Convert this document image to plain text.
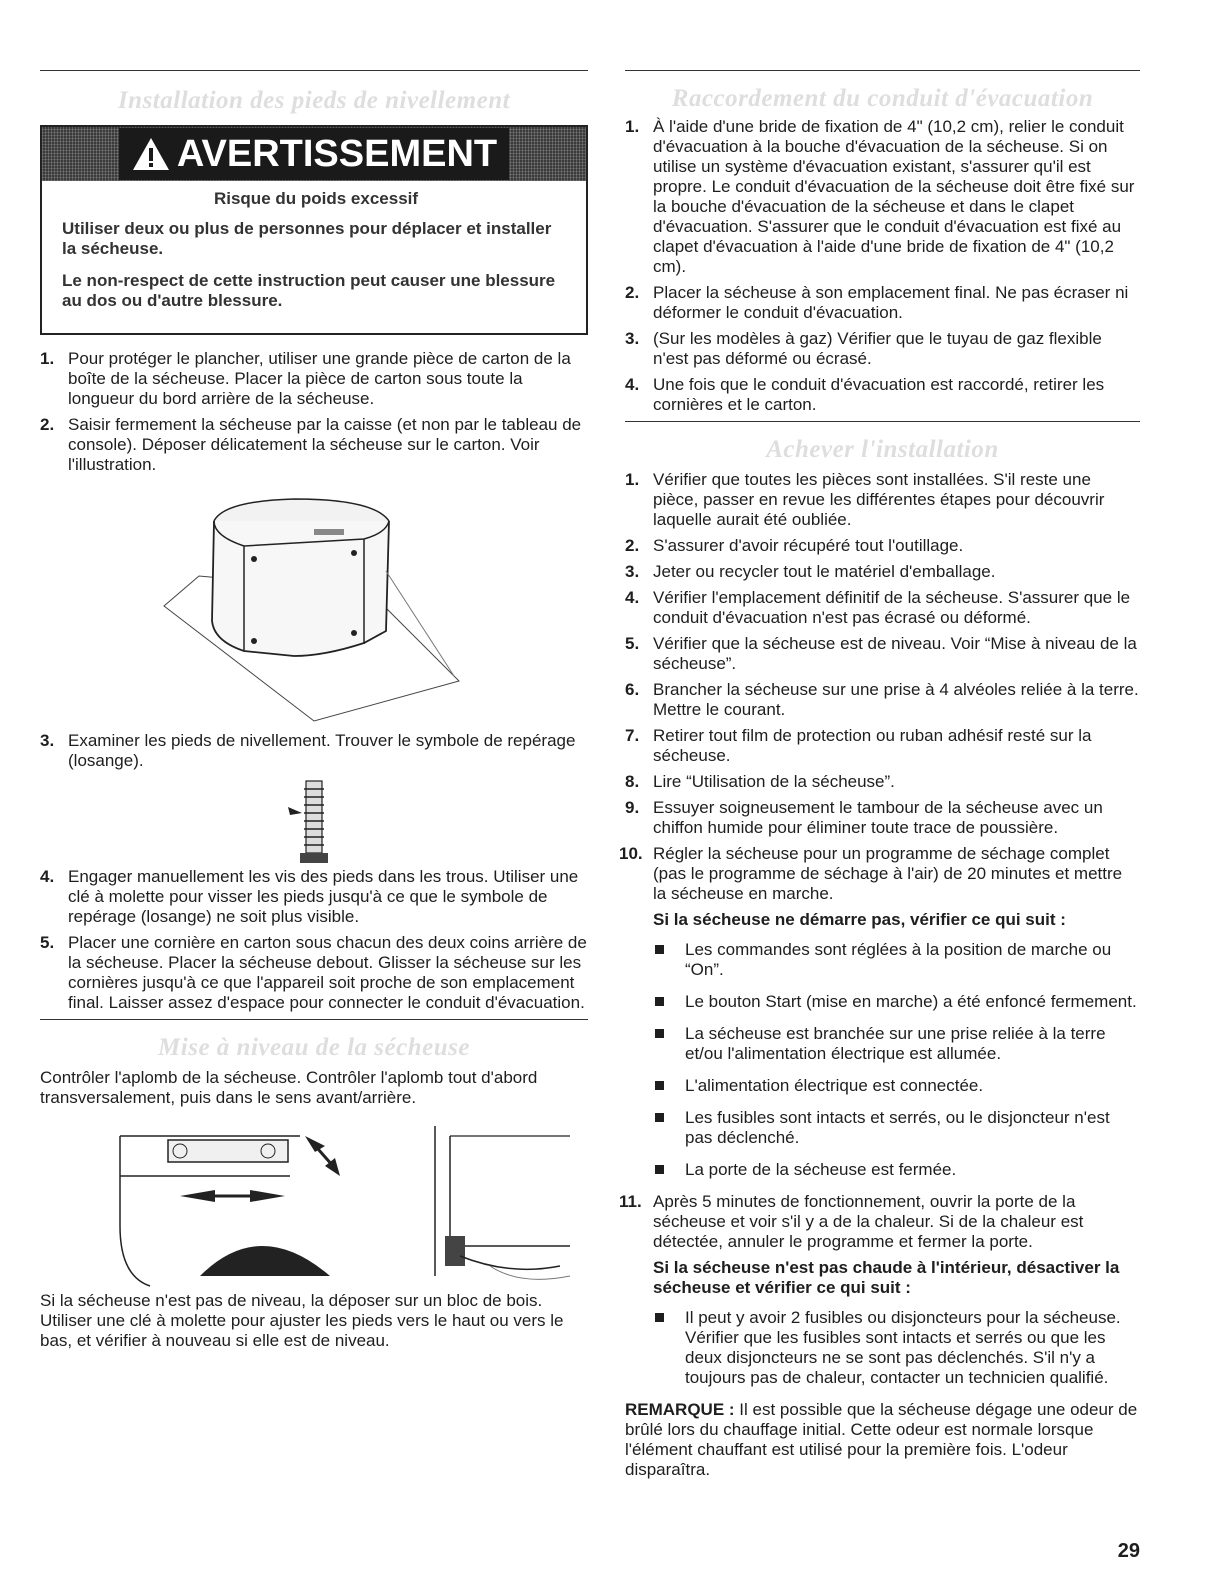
Installation des pieds de nivellement
AVERTISSEMENT
Risque du poids excessif

Utiliser deux ou plus de personnes pour déplacer et installer la sécheuse.

Le non-respect de cette instruction peut causer une blessure au dos ou d'autre blessure.

1. Pour protéger le plancher, utiliser une grande pièce de carton de la boîte de la sécheuse. Placer la pièce de carton sous toute la longueur du bord arrière de la sécheuse.
2. Saisir fermement la sécheuse par la caisse (et non par le tableau de console). Déposer délicatement la sécheuse sur le carton. Voir l'illustration.
3. Examiner les pieds de nivellement. Trouver le symbole de repérage (losange).
4. Engager manuellement les vis des pieds dans les trous. Utiliser une clé à molette pour visser les pieds jusqu'à ce que le symbole de repérage (losange) ne soit plus visible.
5. Placer une cornière en carton sous chacun des deux coins arrière de la sécheuse. Placer la sécheuse debout. Glisser la sécheuse sur les cornières jusqu'à ce que l'appareil soit proche de son emplacement final. Laisser assez d'espace pour connecter le conduit d'évacuation.
Mise à niveau de la sécheuse

Contrôler l'aplomb de la sécheuse. Contrôler l'aplomb tout d'abord transversalement, puis dans le sens avant/arrière.

Si la sécheuse n'est pas de niveau, la déposer sur un bloc de bois. Utiliser une clé à molette pour ajuster les pieds vers le haut ou vers le bas, et vérifier à nouveau si elle est de niveau.

Raccordement du conduit d'évacuation
1. À l'aide d'une bride de fixation de 4" (10,2 cm), relier le conduit d'évacuation à la bouche d'évacuation de la sécheuse. Si on utilise un système d'évacuation existant, s'assurer qu'il est propre. Le conduit d'évacuation de la sécheuse doit être fixé sur la bouche d'évacuation de la sécheuse et dans le clapet d'évacuation. S'assurer que le conduit d'évacuation est fixé au clapet d'évacuation à l'aide d'une bride de fixation de 4" (10,2 cm).
2. Placer la sécheuse à son emplacement final. Ne pas écraser ni déformer le conduit d'évacuation.
3. (Sur les modèles à gaz) Vérifier que le tuyau de gaz flexible n'est pas déformé ou écrasé.
4. Une fois que le conduit d'évacuation est raccordé, retirer les cornières et le carton.
Achever l'installation
1. Vérifier que toutes les pièces sont installées. S'il reste une pièce, passer en revue les différentes étapes pour découvrir laquelle aurait été oubliée.
2. S'assurer d'avoir récupéré tout l'outillage.
3. Jeter ou recycler tout le matériel d'emballage.
4. Vérifier l'emplacement définitif de la sécheuse. S'assurer que le conduit d'évacuation n'est pas écrasé ou déformé.
5. Vérifier que la sécheuse est de niveau. Voir “Mise à niveau de la sécheuse”.
6. Brancher la sécheuse sur une prise à 4 alvéoles reliée à la terre. Mettre le courant.
7. Retirer tout film de protection ou ruban adhésif resté sur la sécheuse.
8. Lire “Utilisation de la sécheuse”.
9. Essuyer soigneusement le tambour de la sécheuse avec un chiffon humide pour éliminer toute trace de poussière.
10. Régler la sécheuse pour un programme de séchage complet (pas le programme de séchage à l'air) de 20 minutes et mettre la sécheuse en marche.

Si la sécheuse ne démarre pas, vérifier ce qui suit :

Les commandes sont réglées à la position de marche ou “On”.
Le bouton Start (mise en marche) a été enfoncé fermement.
La sécheuse est branchée sur une prise reliée à la terre et/ou l'alimentation électrique est allumée.
L'alimentation électrique est connectée.
Les fusibles sont intacts et serrés, ou le disjoncteur n'est pas déclenché.
La porte de la sécheuse est fermée.
11. Après 5 minutes de fonctionnement, ouvrir la porte de la sécheuse et voir s'il y a de la chaleur. Si de la chaleur est détectée, annuler le programme et fermer la porte.

Si la sécheuse n'est pas chaude à l'intérieur, désactiver la sécheuse et vérifier ce qui suit :

Il peut y avoir 2 fusibles ou disjoncteurs pour la sécheuse. Vérifier que les fusibles sont intacts et serrés ou que les deux disjoncteurs ne se sont pas déclenchés. S'il n'y a toujours pas de chaleur, contacter un technicien qualifié.

REMARQUE : Il est possible que la sécheuse dégage une odeur de brûlé lors du chauffage initial. Cette odeur est normale lorsque l'élément chauffant est utilisé pour la première fois. L'odeur disparaîtra.

29
